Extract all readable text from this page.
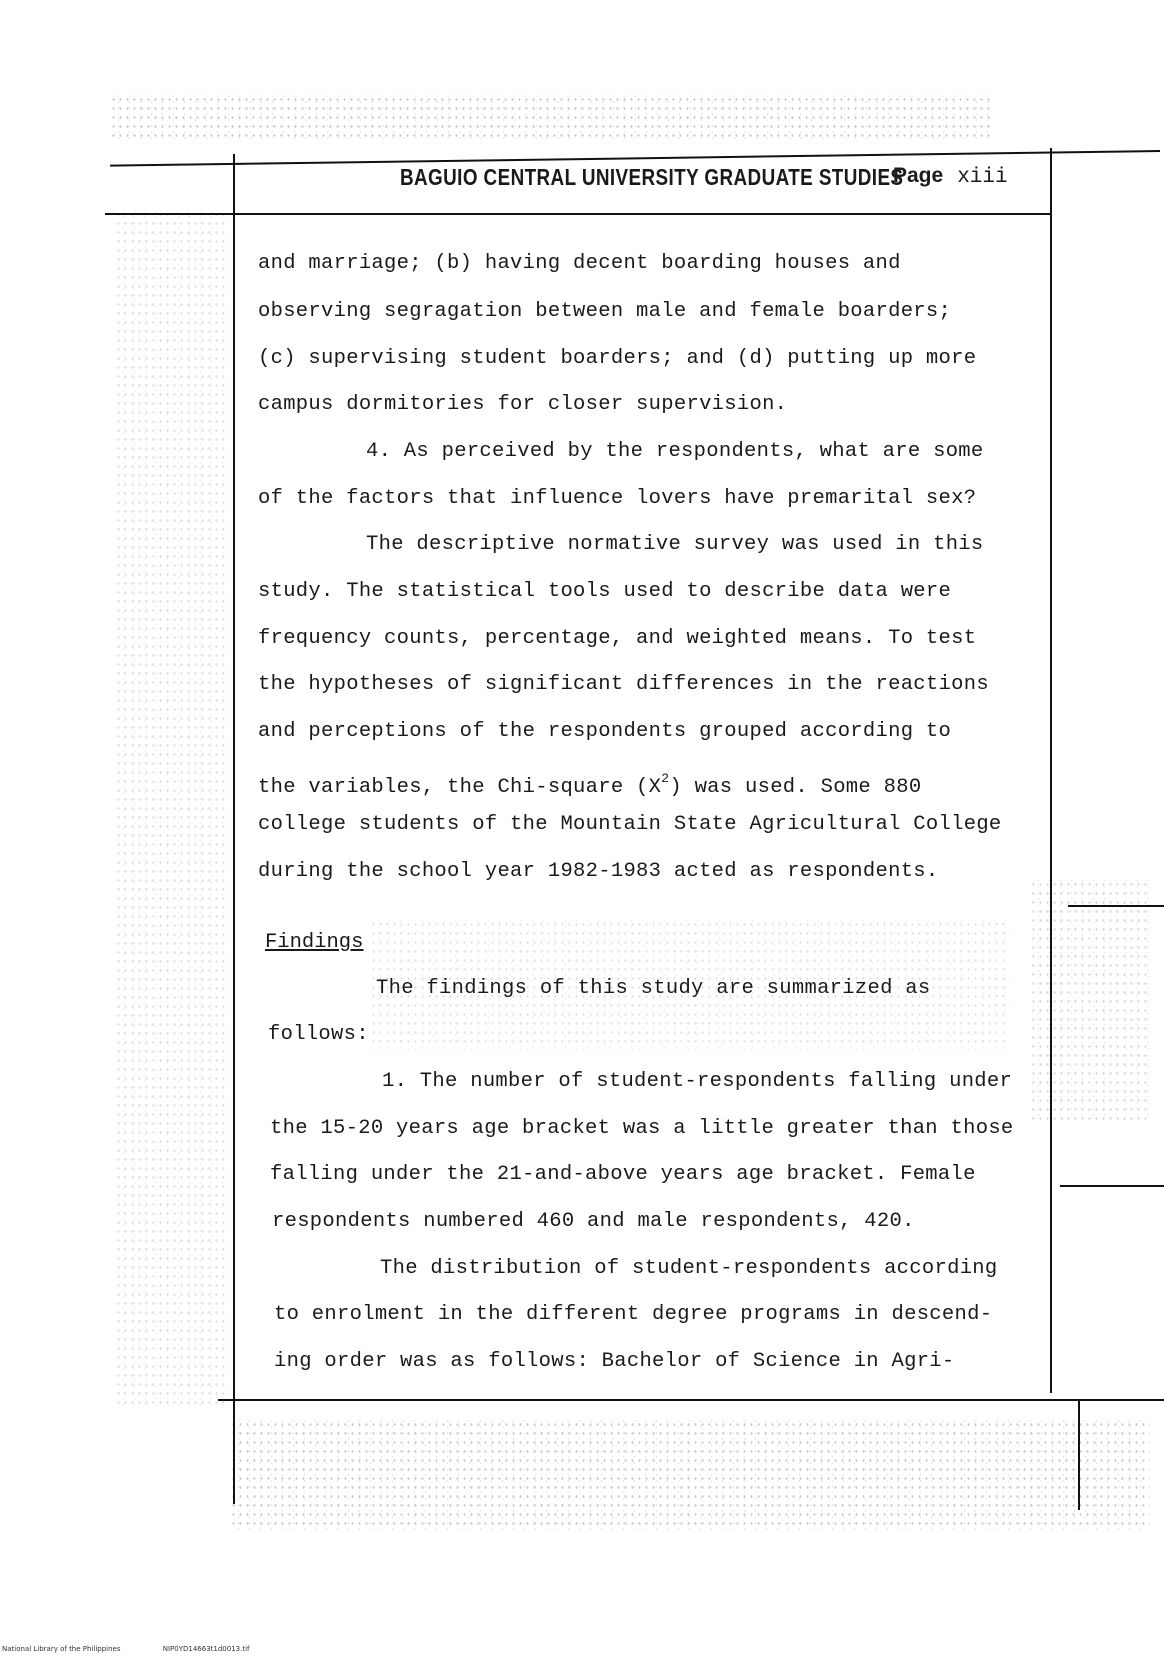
BAGUIO CENTRAL UNIVERSITY GRADUATE STUDIES
Page xiii
and marriage; (b) having decent boarding houses and
observing segragation between male and female boarders;
(c) supervising student boarders; and (d) putting up more
campus dormitories for closer supervision.
4. As perceived by the respondents, what are some
of the factors that influence lovers have premarital sex?
The descriptive normative survey was used in this
study. The statistical tools used to describe data were
frequency counts, percentage, and weighted means. To test
the hypotheses of significant differences in the reactions
and perceptions of the respondents grouped according to
the variables, the Chi-square $(X^2)$ was used. Some 880
college students of the Mountain State Agricultural College
during the school year 1982-1983 acted as respondents.
Findings
The findings of this study are summarized as
follows:
1. The number of student-respondents falling under
the 15-20 years age bracket was a little greater than those
falling under the 21-and-above years age bracket. Female
respondents numbered 460 and male respondents, 420.
The distribution of student-respondents according
to enrolment in the different degree programs in descend-
ing order was as follows: Bachelor of Science in Agri-
National Library of the Philippines	NIP0YD14663t1d0013.tif
